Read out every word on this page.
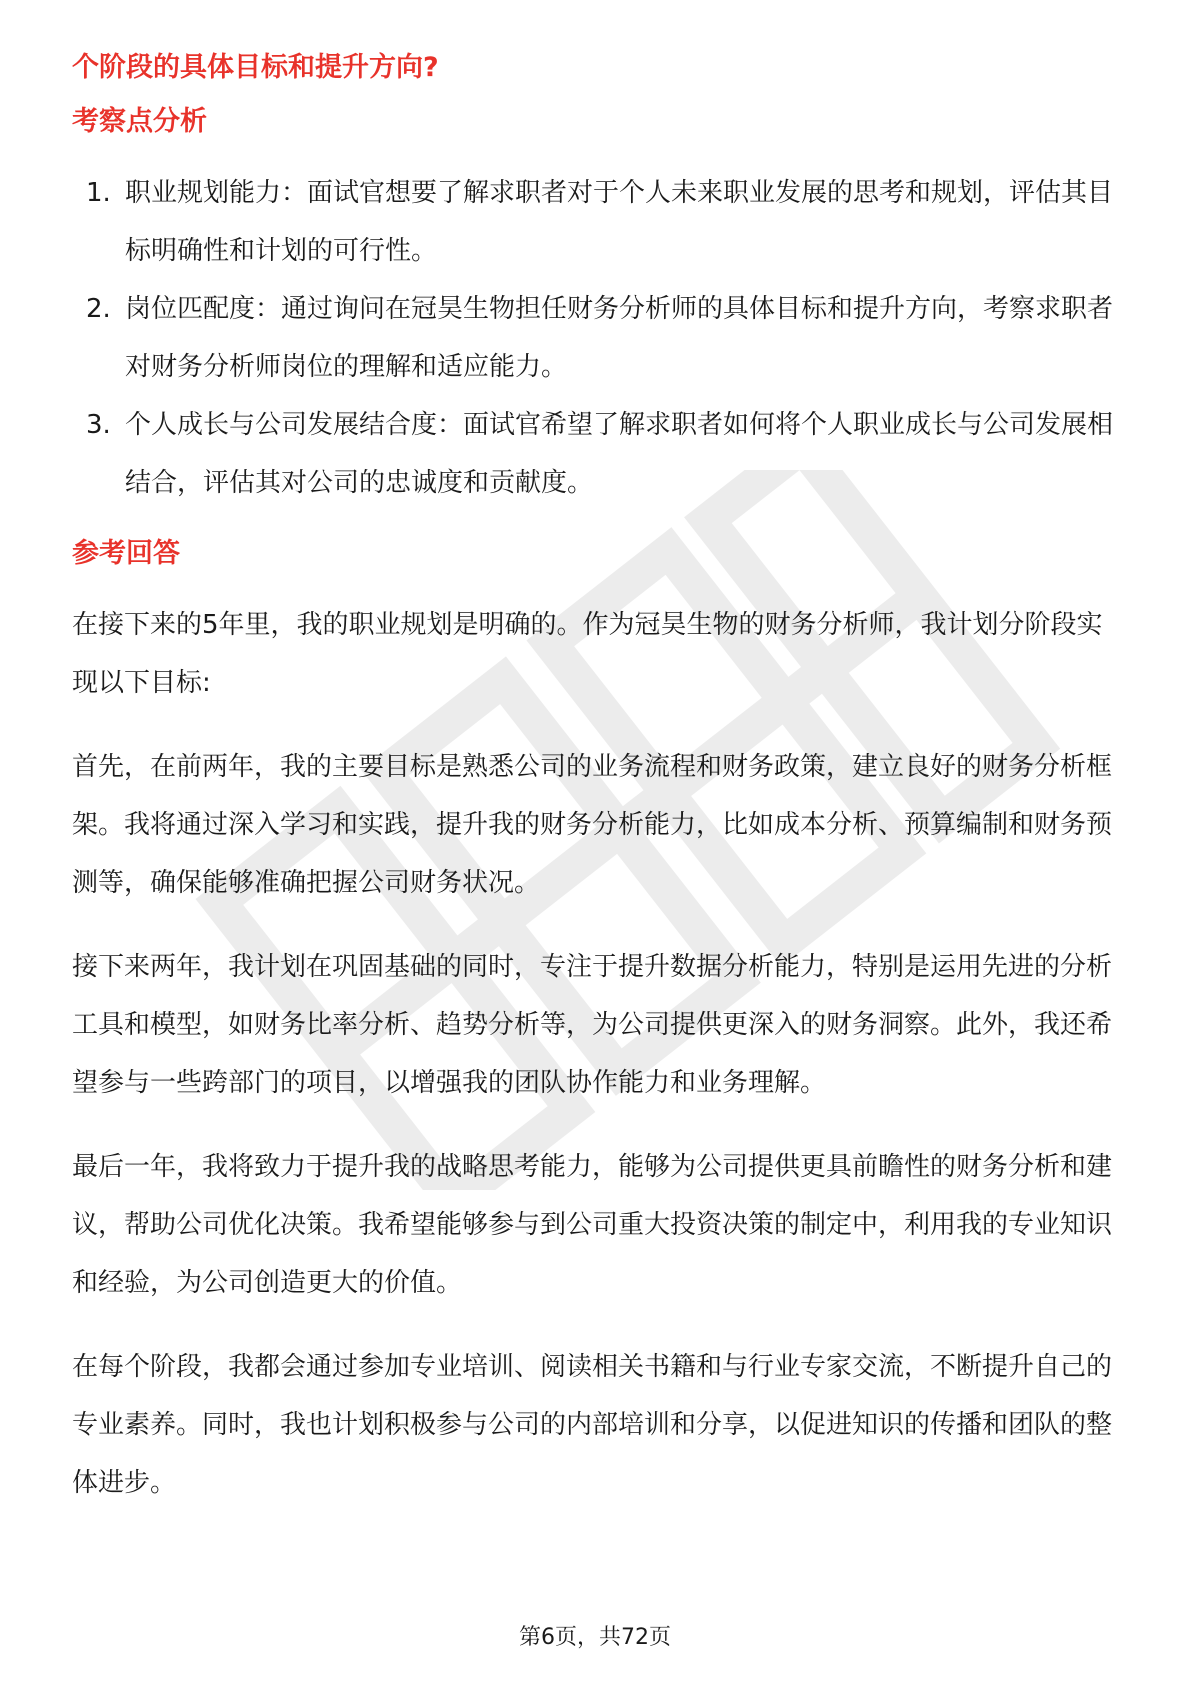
个阶段的具体目标和提升方向?
考察点分析
1. 职业规划能力：面试官想要了解求职者对于个人未来职业发展的思考和规划，评估其目标明确性和计划的可行性。
2. 岗位匹配度：通过询问在冠昊生物担任财务分析师的具体目标和提升方向，考察求职者对财务分析师岗位的理解和适应能力。
3. 个人成长与公司发展结合度：面试官希望了解求职者如何将个人职业成长与公司发展相结合，评估其对公司的忠诚度和贡献度。
参考回答

在接下来的5年里，我的职业规划是明确的。作为冠昊生物的财务分析师，我计划分阶段实现以下目标:

首先，在前两年，我的主要目标是熟悉公司的业务流程和财务政策，建立良好的财务分析框架。我将通过深入学习和实践，提升我的财务分析能力，比如成本分析、预算编制和财务预测等，确保能够准确把握公司财务状况。

接下来两年，我计划在巩固基础的同时，专注于提升数据分析能力，特别是运用先进的分析工具和模型，如财务比率分析、趋势分析等，为公司提供更深入的财务洞察。此外，我还希望参与一些跨部门的项目，以增强我的团队协作能力和业务理解。

最后一年，我将致力于提升我的战略思考能力，能够为公司提供更具前瞻性的财务分析和建议，帮助公司优化决策。我希望能够参与到公司重大投资决策的制定中，利用我的专业知识和经验，为公司创造更大的价值。

在每个阶段，我都会通过参加专业培训、阅读相关书籍和与行业专家交流，不断提升自己的专业素养。同时，我也计划积极参与公司的内部培训和分享，以促进知识的传播和团队的整体进步。

第6页，共72页
